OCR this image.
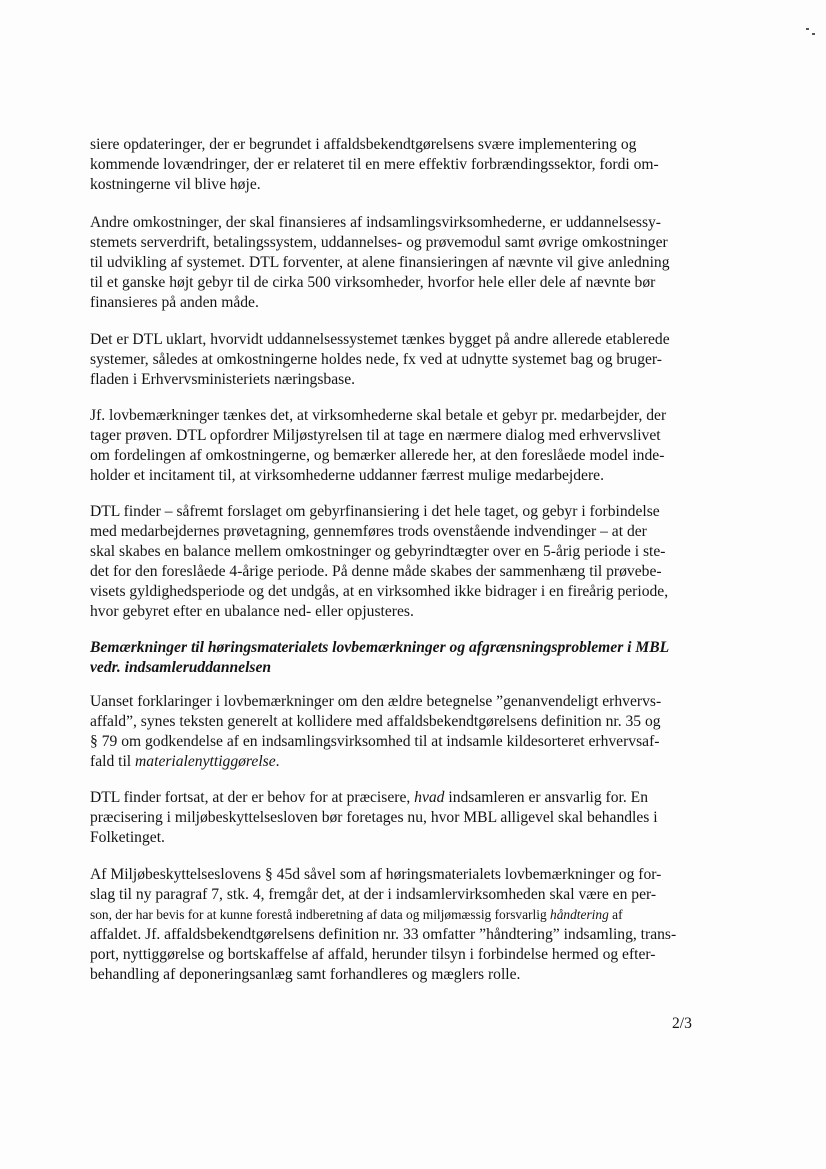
siere opdateringer, der er begrundet i affaldsbekendtgørelsens svære implementering og
kommende lovændringer, der er relateret til en mere effektiv forbrændingssektor, fordi om-
kostningerne vil blive høje.

Andre omkostninger, der skal finansieres af indsamlingsvirksomhederne, er uddannelsessy-
stemets serverdrift, betalingssystem, uddannelses- og prøvemodul samt øvrige omkostninger
til udvikling af systemet. DTL forventer, at alene finansieringen af nævnte vil give anledning
til et ganske højt gebyr til de cirka 500 virksomheder, hvorfor hele eller dele af nævnte bør
finansieres på anden måde.

Det er DTL uklart, hvorvidt uddannelsessystemet tænkes bygget på andre allerede etablerede
systemer, således at omkostningerne holdes nede, fx ved at udnytte systemet bag og bruger-
fladen i Erhvervsministeriets næringsbase.

Jf. lovbemærkninger tænkes det, at virksomhederne skal betale et gebyr pr. medarbejder, der
tager prøven. DTL opfordrer Miljøstyrelsen til at tage en nærmere dialog med erhvervslivet
om fordelingen af omkostningerne, og bemærker allerede her, at den foreslåede model inde-
holder et incitament til, at virksomhederne uddanner færrest mulige medarbejdere.

DTL finder – såfremt forslaget om gebyrfinansiering i det hele taget, og gebyr i forbindelse
med medarbejdernes prøvetagning, gennemføres trods ovenstående indvendinger – at der
skal skabes en balance mellem omkostninger og gebyrindtægter over en 5-årig periode i ste-
det for den foreslåede 4-årige periode. På denne måde skabes der sammenhæng til prøvebe-
visets gyldighedsperiode og det undgås, at en virksomhed ikke bidrager i en fireårig periode,
hvor gebyret efter en ubalance ned- eller opjusteres.

Bemærkninger til høringsmaterialets lovbemærkninger og afgrænsningsproblemer i MBL
vedr. indsamleruddannelsen

Uanset forklaringer i lovbemærkninger om den ældre betegnelse ”genanvendeligt erhvervs-
affald”, synes teksten generelt at kollidere med affaldsbekendtgørelsens definition nr. 35 og
§ 79 om godkendelse af en indsamlingsvirksomhed til at indsamle kildesorteret erhvervsaf-
fald til materialenyttiggørelse.

DTL finder fortsat, at der er behov for at præcisere, hvad indsamleren er ansvarlig for. En
præcisering i miljøbeskyttelsesloven bør foretages nu, hvor MBL alligevel skal behandles i
Folketinget.

Af Miljøbeskyttelseslovens § 45d såvel som af høringsmaterialets lovbemærkninger og for-
slag til ny paragraf 7, stk. 4, fremgår det, at der i indsamlervirksomheden skal være en per-
son, der har bevis for at kunne forestå indberetning af data og miljømæssig forsvarlig håndtering af
affaldet. Jf. affaldsbekendtgørelsens definition nr. 33 omfatter ”håndtering” indsamling, trans-
port, nyttiggørelse og bortskaffelse af affald, herunder tilsyn i forbindelse hermed og efter-
behandling af deponeringsanlæg samt forhandleres og mæglers rolle.

2/3
